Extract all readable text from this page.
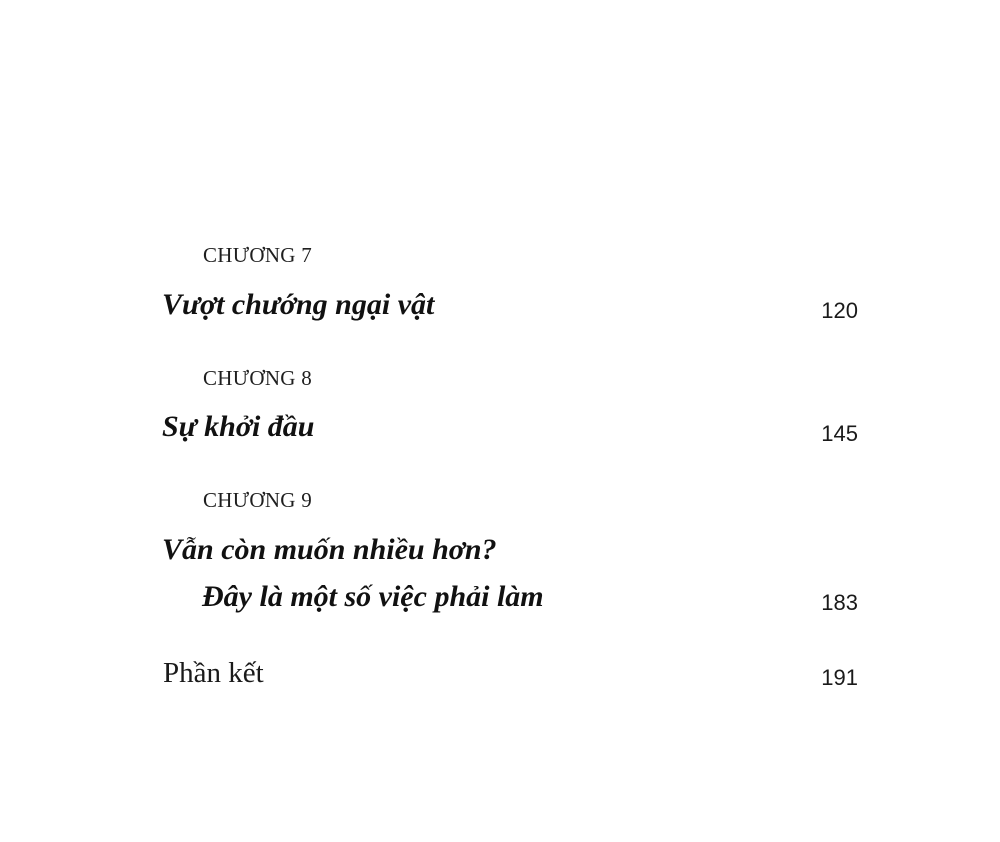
CHƯƠNG 7
Vượt chướng ngại vật	120
CHƯƠNG 8
Sự khởi đầu	145
CHƯƠNG 9
Vẫn còn muốn nhiều hơn?
Đây là một số việc phải làm	183
Phần kết	191
